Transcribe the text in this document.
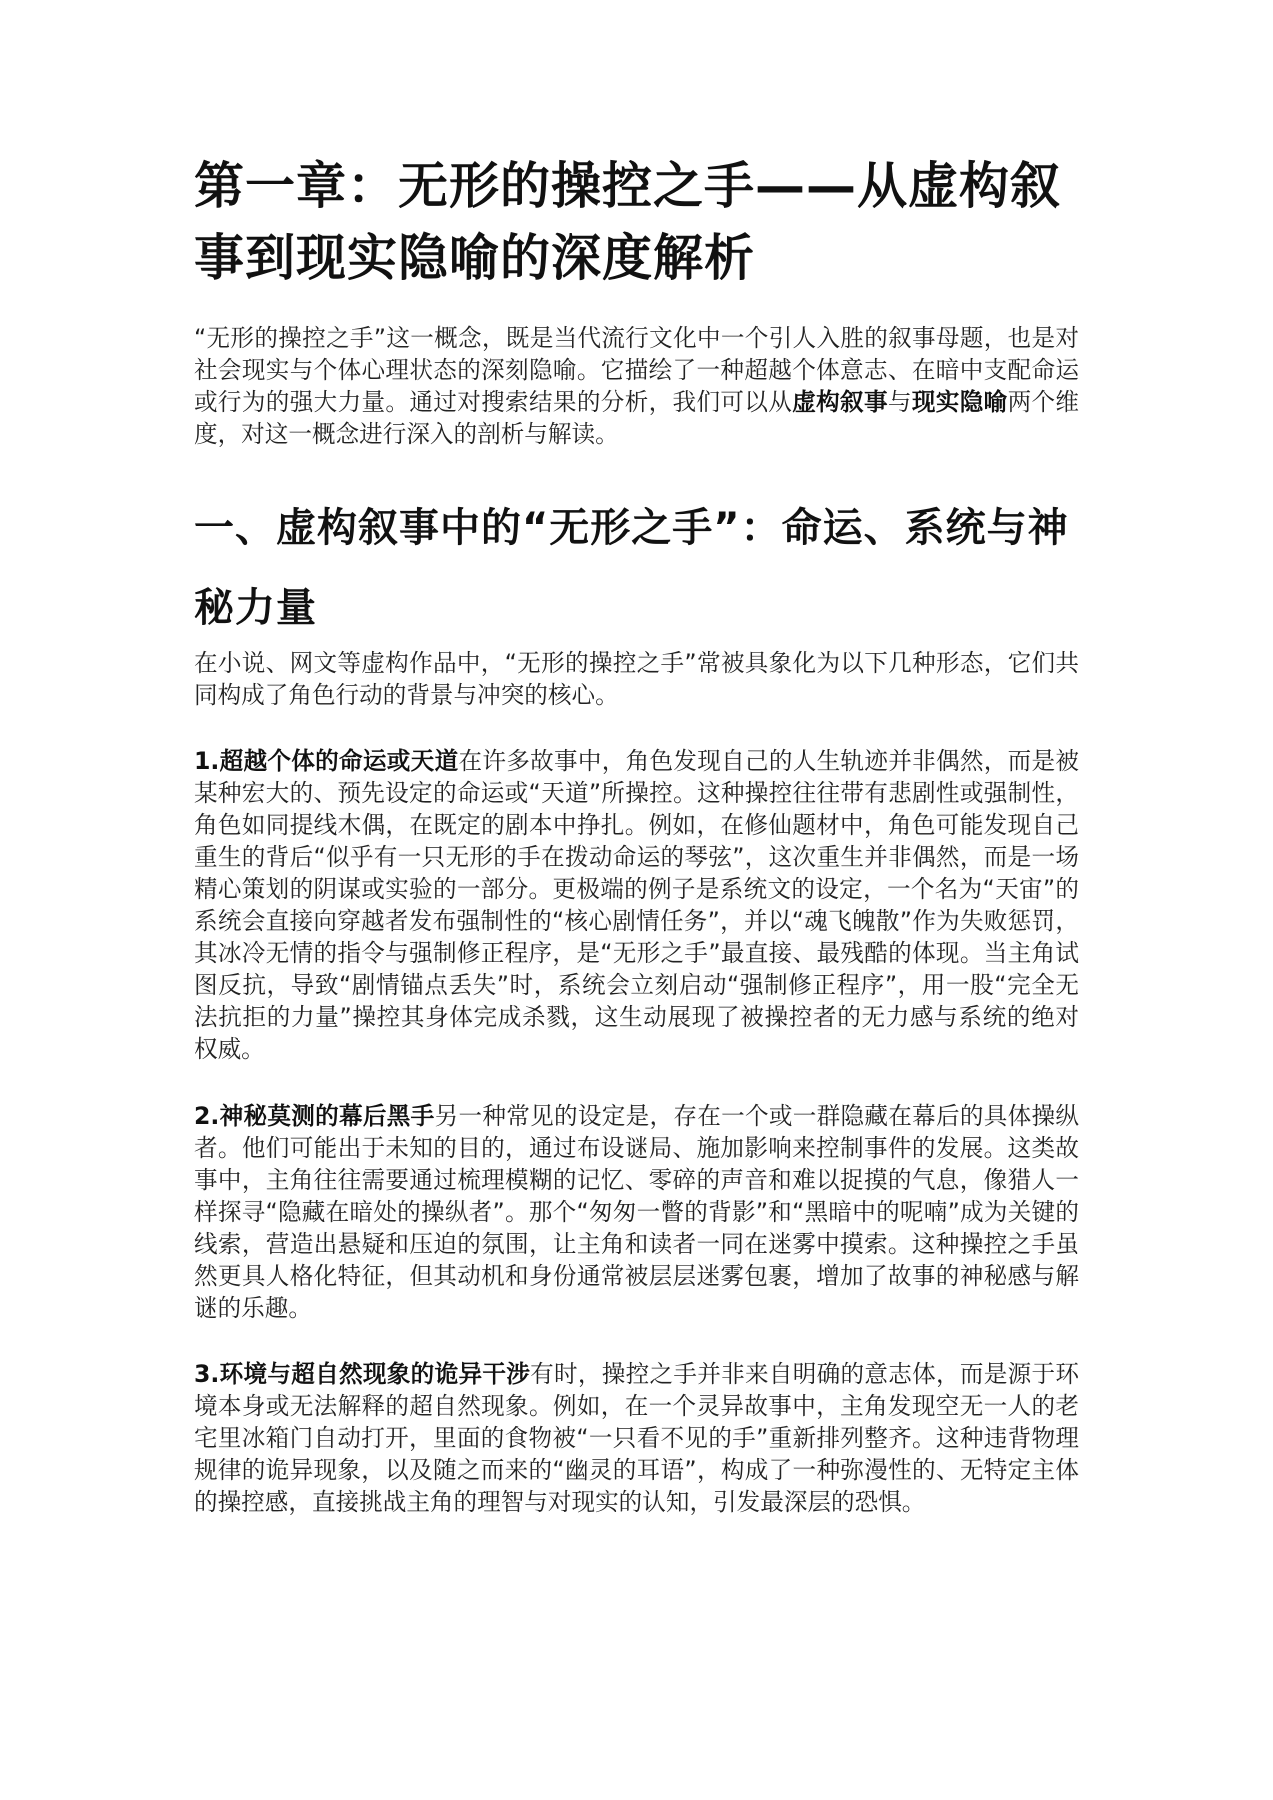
第一章：无形的操控之手——从虚构叙事到现实隐喻的深度解析
“无形的操控之手”这一概念，既是当代流行文化中一个引人入胜的叙事母题，也是对社会现实与个体心理状态的深刻隐喻。它描绘了一种超越个体意志、在暗中支配命运或行为的强大力量。通过对搜索结果的分析，我们可以从虚构叙事与现实隐喻两个维度，对这一概念进行深入的剖析与解读。
一、虚构叙事中的“无形之手”：命运、系统与神秘力量
在小说、网文等虚构作品中，“无形的操控之手”常被具象化为以下几种形态，它们共同构成了角色行动的背景与冲突的核心。
1.超越个体的命运或天道在许多故事中，角色发现自己的人生轨迹并非偶然，而是被某种宏大的、预先设定的命运或“天道”所操控。这种操控往往带有悲剧性或强制性，角色如同提线木偶，在既定的剧本中挣扎。例如，在修仙题材中，角色可能发现自己重生的背后“似乎有一只无形的手在拨动命运的琴弦”，这次重生并非偶然，而是一场精心策划的阴谋或实验的一部分。更极端的例子是系统文的设定，一个名为“天宙”的系统会直接向穿越者发布强制性的“核心剧情任务”，并以“魂飞魄散”作为失败惩罚，其冰冷无情的指令与强制修正程序，是“无形之手”最直接、最残酷的体现。当主角试图反抗，导致“剧情锚点丢失”时，系统会立刻启动“强制修正程序”，用一股“完全无法抗拒的力量”操控其身体完成杀戮，这生动展现了被操控者的无力感与系统的绝对权威。
2.神秘莫测的幕后黑手另一种常见的设定是，存在一个或一群隐藏在幕后的具体操纵者。他们可能出于未知的目的，通过布设谜局、施加影响来控制事件的发展。这类故事中，主角往往需要通过梳理模糊的记忆、零碎的声音和难以捉摸的气息，像猎人一样探寻“隐藏在暗处的操纵者”。那个“匆匆一瞥的背影”和“黑暗中的呢喃”成为关键的线索，营造出悬疑和压迫的氛围，让主角和读者一同在迷雾中摸索。这种操控之手虽然更具人格化特征，但其动机和身份通常被层层迷雾包裹，增加了故事的神秘感与解谜的乐趣。
3.环境与超自然现象的诡异干涉有时，操控之手并非来自明确的意志体，而是源于环境本身或无法解释的超自然现象。例如，在一个灵异故事中，主角发现空无一人的老宅里冰箱门自动打开，里面的食物被“一只看不见的手”重新排列整齐。这种违背物理规律的诡异现象，以及随之而来的“幽灵的耳语”，构成了一种弥漫性的、无特定主体的操控感，直接挑战主角的理智与对现实的认知，引发最深层的恐惧。
